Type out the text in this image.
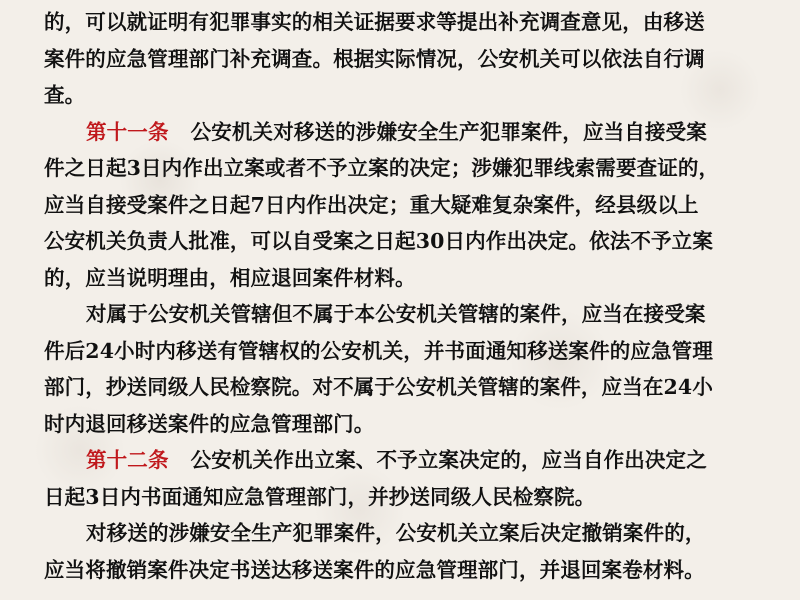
的，可以就证明有犯罪事实的相关证据要求等提出补充调查意见，由移送

案件的应急管理部门补充调查。根据实际情况，公安机关可以依法自行调

查。

第十一条 公安机关对移送的涉嫌安全生产犯罪案件，应当自接受案

件之日起3日内作出立案或者不予立案的决定；涉嫌犯罪线索需要查证的，

应当自接受案件之日起7日内作出决定；重大疑难复杂案件，经县级以上

公安机关负责人批准，可以自受案之日起30日内作出决定。依法不予立案

的，应当说明理由，相应退回案件材料。

对属于公安机关管辖但不属于本公安机关管辖的案件，应当在接受案

件后24小时内移送有管辖权的公安机关，并书面通知移送案件的应急管理

部门，抄送同级人民检察院。对不属于公安机关管辖的案件，应当在24小

时内退回移送案件的应急管理部门。

第十二条 公安机关作出立案、不予立案决定的，应当自作出决定之

日起3日内书面通知应急管理部门，并抄送同级人民检察院。

对移送的涉嫌安全生产犯罪案件，公安机关立案后决定撤销案件的，

应当将撤销案件决定书送达移送案件的应急管理部门，并退回案卷材料。
